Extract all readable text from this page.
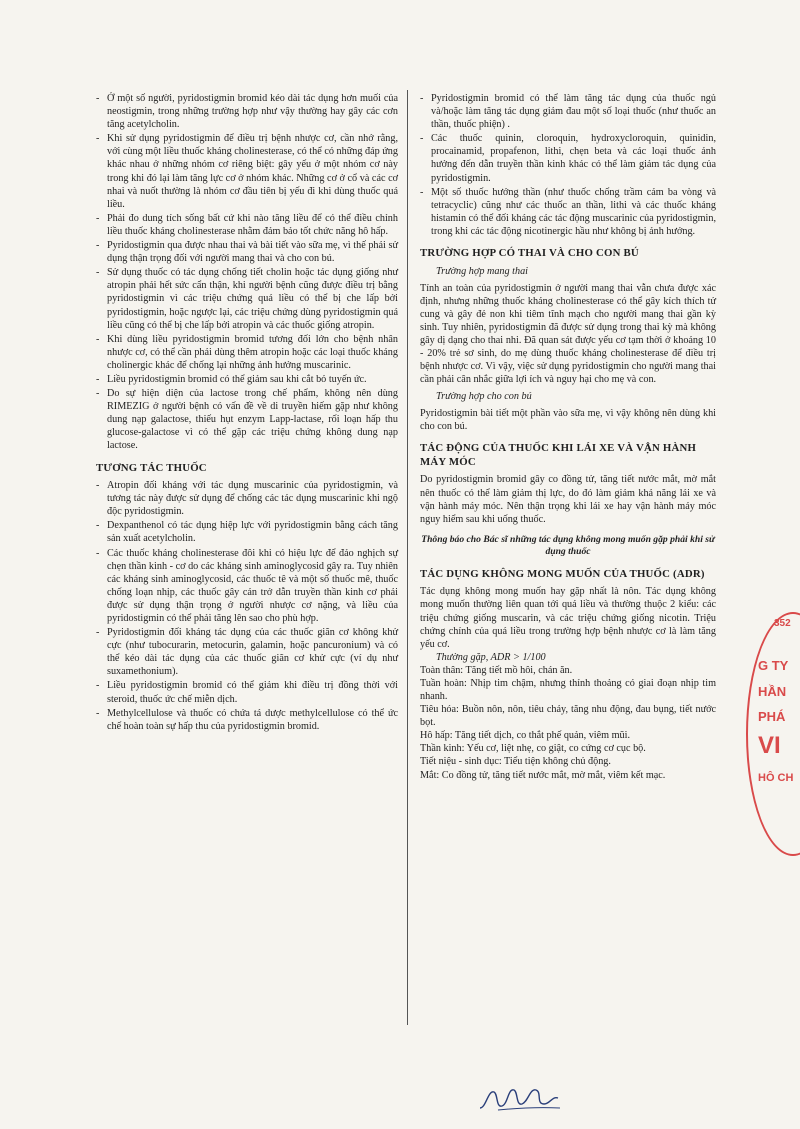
- Ở một số người, pyridostigmin bromid kéo dài tác dụng hơn muối của neostigmin, trong những trường hợp như vậy thường hay gây các cơn tăng acetylcholin.
- Khi sử dụng pyridostigmin để điều trị bệnh nhược cơ, cần nhớ rằng, với cùng một liều thuốc kháng cholinesterase, có thể có những đáp ứng khác nhau ở những nhóm cơ riêng biệt: gây yếu ở một nhóm cơ này trong khi đó lại làm tăng lực cơ ở nhóm khác. Những cơ ở cổ và các cơ nhai và nuốt thường là nhóm cơ đầu tiên bị yếu đi khi dùng thuốc quá liều.
- Phải đo dung tích sống bất cứ khi nào tăng liều để có thể điều chỉnh liều thuốc kháng cholinesterase nhằm đảm bảo tốt chức năng hô hấp.
- Pyridostigmin qua được nhau thai và bài tiết vào sữa mẹ, vì thế phải sử dụng thận trọng đối với người mang thai và cho con bú.
- Sử dụng thuốc có tác dụng chống tiết cholin hoặc tác dụng giống như atropin phải hết sức cẩn thận, khi người bệnh cũng được điều trị bằng pyridostigmin vì các triệu chứng quá liều có thể bị che lấp bởi pyridostigmin, hoặc ngược lại, các triệu chứng dùng pyridostigmin quá liều cũng có thể bị che lấp bởi atropin và các thuốc giống atropin.
- Khi dùng liều pyridostigmin bromid tương đối lớn cho bệnh nhân nhược cơ, có thể cần phải dùng thêm atropin hoặc các loại thuốc kháng cholinergic khác để chống lại những ảnh hưởng muscarinic.
- Liều pyridostigmin bromid có thể giảm sau khi cắt bỏ tuyến ức.
- Do sự hiện diện của lactose trong chế phẩm, không nên dùng RIMEZIG ở người bệnh có vấn đề về di truyền hiếm gặp như không dung nạp galactose, thiếu hụt enzym Lapp-lactase, rối loạn hấp thu glucose-galactose vì có thể gặp các triệu chứng không dung nạp lactose.
TƯƠNG TÁC THUỐC
- Atropin đối kháng với tác dụng muscarinic của pyridostigmin, và tương tác này được sử dụng để chống các tác dụng muscarinic khi ngộ độc pyridostigmin.
- Dexpanthenol có tác dụng hiệp lực với pyridostigmin bằng cách tăng sản xuất acetylcholin.
- Các thuốc kháng cholinesterase đôi khi có hiệu lực để đảo nghịch sự chẹn thần kinh - cơ do các kháng sinh aminoglycosid gây ra. Tuy nhiên các kháng sinh aminoglycosid, các thuốc tê và một số thuốc mê, thuốc chống loạn nhịp, các thuốc gây cản trở dẫn truyền thần kinh cơ phải được sử dụng thận trọng ở người nhược cơ nặng, và liều của pyridostigmin có thể phải tăng lên sao cho phù hợp.
- Pyridostigmin đối kháng tác dụng của các thuốc giãn cơ không khử cực (như tubocurarin, metocurin, galamin, hoặc pancuronium) và có thể kéo dài tác dụng của các thuốc giãn cơ khử cực (ví dụ như suxamethonium).
- Liều pyridostigmin bromid có thể giảm khi điều trị đồng thời với steroid, thuốc ức chế miễn dịch.
- Methylcellulose và thuốc có chứa tá dược methylcellulose có thể ức chế hoàn toàn sự hấp thu của pyridostigmin bromid.
- Pyridostigmin bromid có thể làm tăng tác dụng của thuốc ngủ và/hoặc làm tăng tác dụng giảm đau một số loại thuốc (như thuốc an thần, thuốc phiện) .
- Các thuốc quinin, cloroquin, hydroxycloroquin, quinidin, procainamid, propafenon, lithi, chẹn beta và các loại thuốc ảnh hưởng đến dẫn truyền thần kinh khác có thể làm giảm tác dụng của pyridostigmin.
- Một số thuốc hướng thần (như thuốc chống trầm cảm ba vòng và tetracyclic) cũng như các thuốc an thần, lithi và các thuốc kháng histamin có thể đối kháng các tác động muscarinic của pyridostigmin, trong khi các tác động nicotinergic hầu như không bị ảnh hưởng.
TRƯỜNG HỢP CÓ THAI VÀ CHO CON BÚ
Trường hợp mang thai

Tính an toàn của pyridostigmin ở người mang thai vẫn chưa được xác định, nhưng những thuốc kháng cholinesterase có thể gây kích thích tử cung và gây đẻ non khi tiêm tĩnh mạch cho người mang thai gần kỳ sinh. Tuy nhiên, pyridostigmin đã được sử dụng trong thai kỳ mà không gây dị dạng cho thai nhi. Đã quan sát được yếu cơ tạm thời ở khoảng 10 - 20% trẻ sơ sinh, do mẹ dùng thuốc kháng cholinesterase để điều trị bệnh nhược cơ. Vì vậy, việc sử dụng pyridostigmin cho người mang thai cần phải cân nhắc giữa lợi ích và nguy hại cho mẹ và con.

Trường hợp cho con bú

Pyridostigmin bài tiết một phần vào sữa mẹ, vì vậy không nên dùng khi cho con bú.

TÁC ĐỘNG CỦA THUỐC KHI LÁI XE VÀ VẬN HÀNH MÁY MÓC

Do pyridostigmin bromid gây co đồng tử, tăng tiết nước mắt, mờ mắt nên thuốc có thể làm giảm thị lực, do đó làm giảm khả năng lái xe và vận hành máy móc. Nên thận trọng khi lái xe hay vận hành máy móc nguy hiểm sau khi uống thuốc.

Thông báo cho Bác sĩ những tác dụng không mong muốn gặp phải khi sử dụng thuốc
TÁC DỤNG KHÔNG MONG MUỐN CỦA THUỐC (ADR)

Tác dụng không mong muốn hay gặp nhất là nôn. Tác dụng không mong muốn thường liên quan tới quá liều và thường thuộc 2 kiểu: các triệu chứng giống muscarin, và các triệu chứng giống nicotin. Triệu chứng chính của quá liều trong trường hợp bệnh nhược cơ là làm tăng yếu cơ.

Thường gặp, ADR > 1/100

Toàn thân: Tăng tiết mồ hôi, chán ăn.

Tuần hoàn: Nhịp tim chậm, nhưng thỉnh thoảng có giai đoạn nhịp tim nhanh.

Tiêu hóa: Buồn nôn, nôn, tiêu chảy, tăng nhu động, đau bụng, tiết nước bọt.

Hô hấp: Tăng tiết dịch, co thắt phế quản, viêm mũi.

Thần kinh: Yếu cơ, liệt nhẹ, co giật, co cứng cơ cục bộ.

Tiết niệu - sinh dục: Tiểu tiện không chủ động.

Mắt: Co đồng tử, tăng tiết nước mắt, mờ mắt, viêm kết mạc.

352
G TY
HẦN
PHÁ
VI
HÔ CH
